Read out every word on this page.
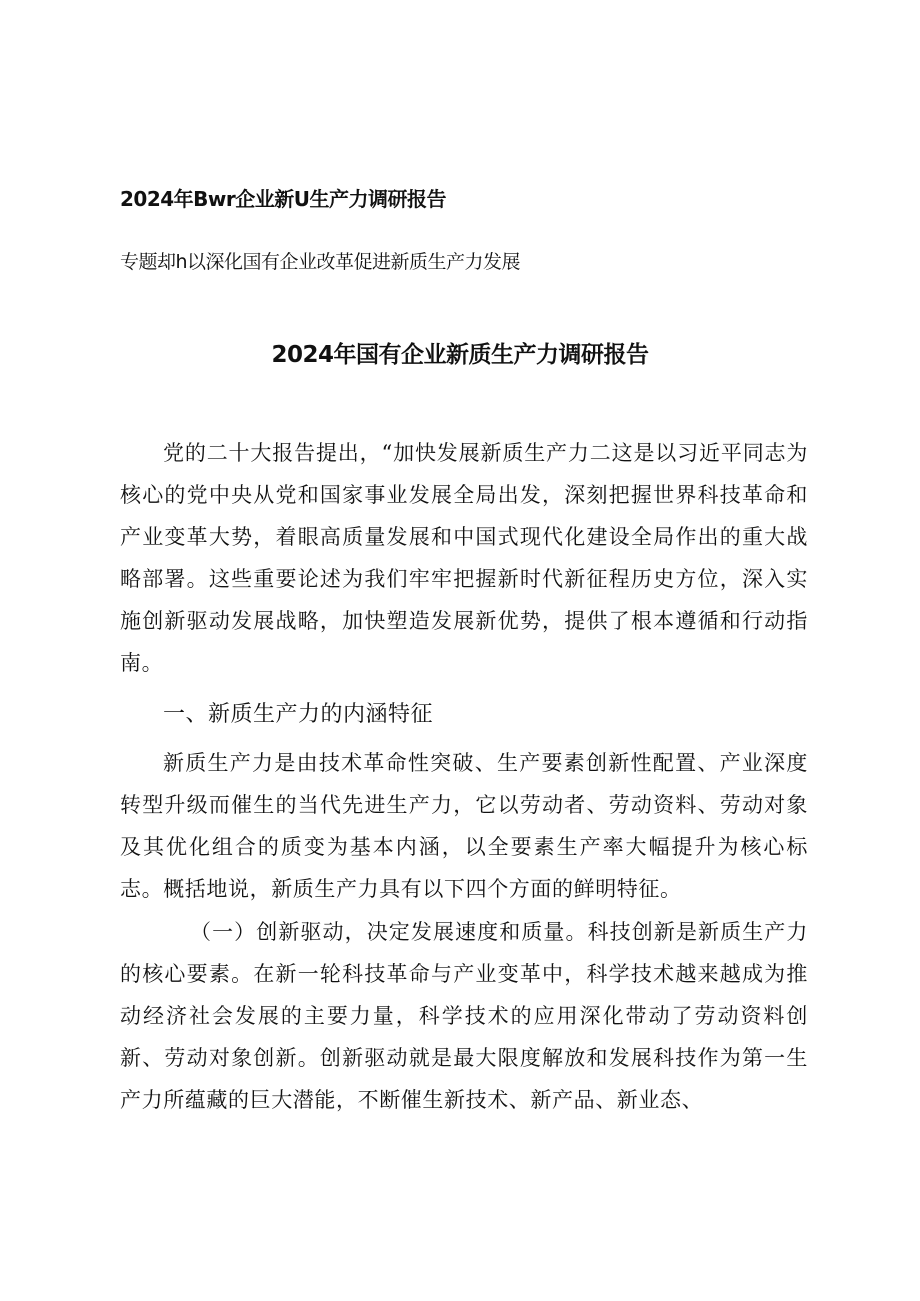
2024年Bwr企业新U生产力调研报告
专题却h以深化国有企业改革促进新质生产力发展
2024年国有企业新质生产力调研报告

党的二十大报告提出，“加快发展新质生产力二这是以习近平同志为核心的党中央从党和国家事业发展全局出发，深刻把握世界科技革命和产业变革大势，着眼高质量发展和中国式现代化建设全局作出的重大战略部署。这些重要论述为我们牢牢把握新时代新征程历史方位，深入实施创新驱动发展战略，加快塑造发展新优势，提供了根本遵循和行动指南。

一、新质生产力的内涵特征

新质生产力是由技术革命性突破、生产要素创新性配置、产业深度转型升级而催生的当代先进生产力，它以劳动者、劳动资料、劳动对象及其优化组合的质变为基本内涵，以全要素生产率大幅提升为核心标志。概括地说，新质生产力具有以下四个方面的鲜明特征。

（一）创新驱动，决定发展速度和质量。科技创新是新质生产力的核心要素。在新一轮科技革命与产业变革中，科学技术越来越成为推动经济社会发展的主要力量，科学技术的应用深化带动了劳动资料创新、劳动对象创新。创新驱动就是最大限度解放和发展科技作为第一生产力所蕴藏的巨大潜能，不断催生新技术、新产品、新业态、
